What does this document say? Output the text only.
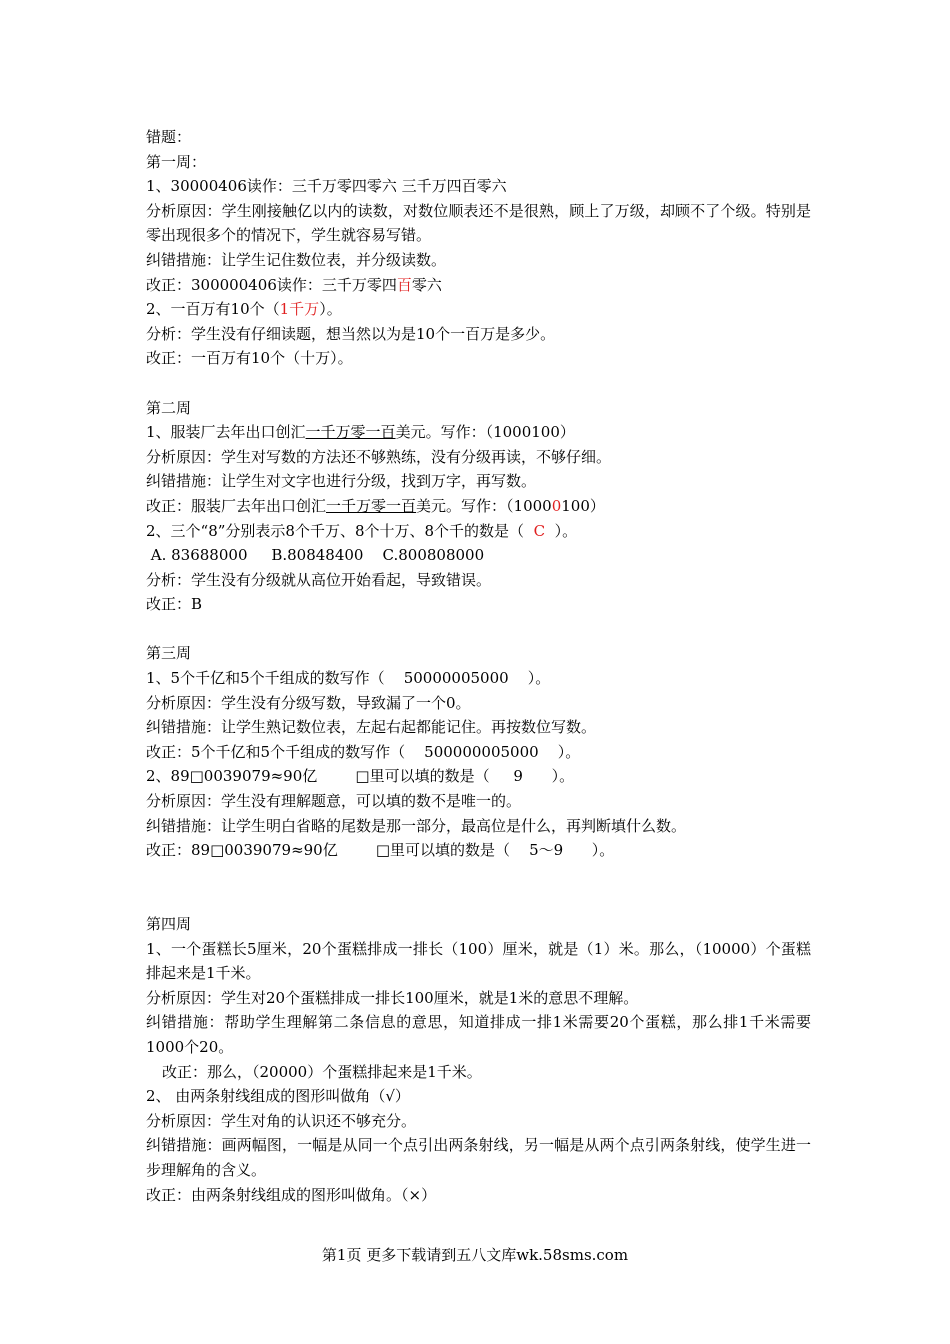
错题：

第一周：

1、30000406读作：三千万零四零六 三千万四百零六

分析原因：学生刚接触亿以内的读数，对数位顺表还不是很熟，顾上了万级，却顾不了个级。特别是零出现很多个的情况下，学生就容易写错。

纠错措施：让学生记住数位表，并分级读数。

改正：300000406读作：三千万零四百零六

2、一百万有10个（1千万）。

分析：学生没有仔细读题，想当然以为是10个一百万是多少。

改正：一百万有10个（十万）。

第二周

1、服装厂去年出口创汇一千万零一百美元。写作：（1000100）

分析原因：学生对写数的方法还不够熟练，没有分级再读，不够仔细。

纠错措施：让学生对文字也进行分级，找到万字，再写数。

改正：服装厂去年出口创汇一千万零一百美元。写作：（10000100）

2、三个“8”分别表示8个千万、8个十万、8个千的数是（  C  ）。

A. 83688000     B.80848400    C.800808000

分析：学生没有分级就从高位开始看起，导致错误。

改正：B

第三周

1、5个千亿和5个千组成的数写作（    50000005000    ）。

分析原因：学生没有分级写数，导致漏了一个0。

纠错措施：让学生熟记数位表，左起右起都能记住。再按数位写数。

改正：5个千亿和5个千组成的数写作（    500000005000    ）。

2、89□0039079≈90亿        □里可以填的数是（     9      ）。

分析原因：学生没有理解题意，可以填的数不是唯一的。

纠错措施：让学生明白省略的尾数是那一部分，最高位是什么，再判断填什么数。

改正：89□0039079≈90亿        □里可以填的数是（    5～9      ）。

第四周

1、一个蛋糕长5厘米，20个蛋糕排成一排长（100）厘米，就是（1）米。那么，（10000）个蛋糕排起来是1千米。

分析原因：学生对20个蛋糕排成一排长100厘米，就是1米的意思不理解。

纠错措施：帮助学生理解第二条信息的意思，知道排成一排1米需要20个蛋糕，那么排1千米需要1000个20。

改正：那么，（20000）个蛋糕排起来是1千米。

2、 由两条射线组成的图形叫做角（√）

分析原因：学生对角的认识还不够充分。

纠错措施：画两幅图，一幅是从同一个点引出两条射线，另一幅是从两个点引两条射线，使学生进一步理解角的含义。

改正：由两条射线组成的图形叫做角。（×）

第1页 更多下载请到五八文库wk.58sms.com
